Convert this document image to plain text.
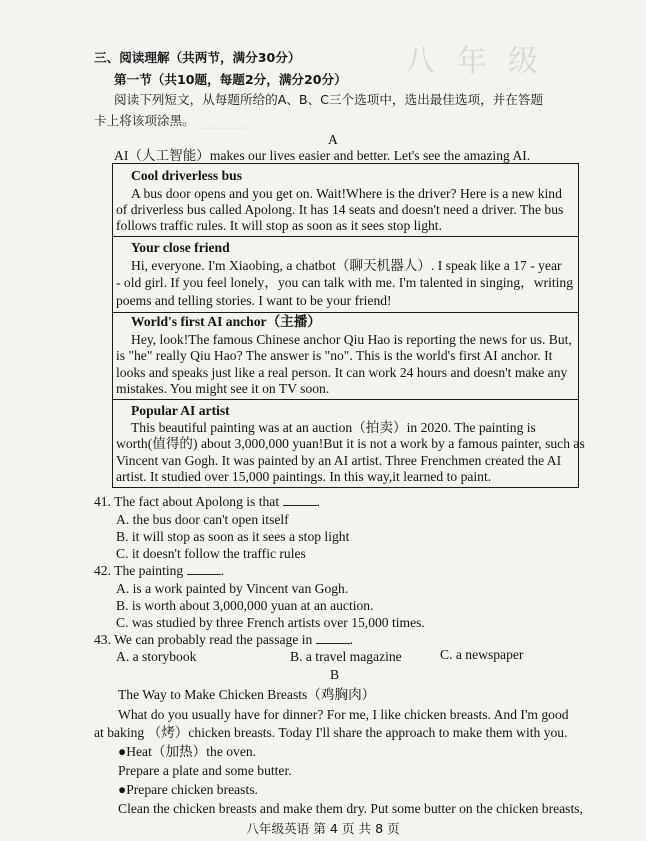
八 年 级
............
三、阅读理解（共两节，满分30分）
第一节（共10题，每题2分，满分20分）
阅读下列短文，从每题所给的A、B、C三个选项中，选出最佳选项，并在答题
卡上将该项涂黑。
A
AI（人工智能）makes our lives easier and better. Let's see the amazing AI.
Cool driverless bus
A bus door opens and you get on. Wait!Where is the driver? Here is a new kind
of driverless bus called Apolong. It has 14 seats and doesn't need a driver. The bus
follows traffic rules. It will stop as soon as it sees stop light.
Your close friend
Hi, everyone. I'm Xiaobing, a chatbot（聊天机器人）. I speak like a 17 - year
- old girl. If you feel lonely，you can talk with me. I'm talented in singing，writing
poems and telling stories. I want to be your friend!
World's first AI anchor（主播）
Hey, look!The famous Chinese anchor Qiu Hao is reporting the news for us. But,
is "he" really Qiu Hao? The answer is "no". This is the world's first AI anchor. It
looks and speaks just like a real person. It can work 24 hours and doesn't make any
mistakes. You might see it on TV soon.
Popular AI artist
This beautiful painting was at an auction（拍卖）in 2020. The painting is
worth(值得的) about 3,000,000 yuan!But it is not a work by a famous painter, such as
Vincent van Gogh. It was painted by an AI artist. Three Frenchmen created the AI
artist. It studied over 15,000 paintings. In this way,it learned to paint.
41. The fact about Apolong is that	.
A. the bus door can't open itself
B. it will stop as soon as it sees a stop light
C. it doesn't follow the traffic rules
42. The painting	.
A. is a work painted by Vincent van Gogh.
B. is worth about 3,000,000 yuan at an auction.
C. was studied by three French artists over 15,000 times.
43. We can probably read the passage in	.
A. a storybook	B. a travel magazine	C. a newspaper
B
The Way to Make Chicken Breasts（鸡胸肉）
What do you usually have for dinner? For me, I like chicken breasts. And I'm good
at baking （烤）chicken breasts. Today I'll share the approach to make them with you.
●Heat（加热）the oven.
Prepare a plate and some butter.
●Prepare chicken breasts.
Clean the chicken breasts and make them dry. Put some butter on the chicken breasts,
八年级英语 第 4 页 共 8 页
